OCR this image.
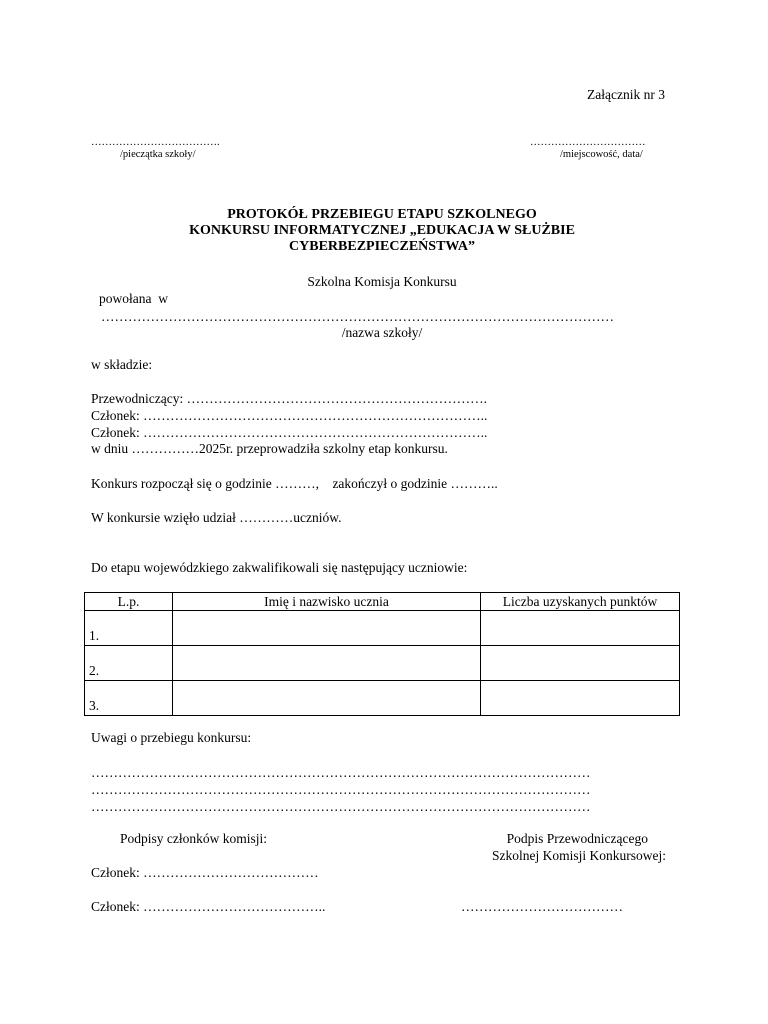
Załącznik nr 3
……………………………….
/pieczątka szkoły/
……………………………
/miejscowość, data/
PROTOKÓŁ PRZEBIEGU ETAPU SZKOLNEGO
KONKURSU INFORMATYCZNEJ „EDUKACJA W SŁUŻBIE
CYBERBEZPIECZEŃSTWA”
Szkolna Komisja Konkursu
powołana  w
……………………………………………………………………………………………………
/nazwa szkoły/
w składzie:
Przewodniczący: ………………………………………………………….
Członek: …………………………………………………………………..
Członek: …………………………………………………………………..
w dniu ……………2025r. przeprowadziła szkolny etap konkursu.
Konkurs rozpoczął się o godzinie ………,    zakończył o godzinie ………..
W konkursie wzięło udział …………uczniów.
Do etapu wojewódzkiego zakwalifikowali się następujący uczniowie:
L.p.	Imię i nazwisko ucznia	Liczba uzyskanych punktów
1.		
2.		
3.		
Uwagi o przebiegu konkursu:
…………………………………………………………………………………………………
…………………………………………………………………………………………………
…………………………………………………………………………………………………
Podpisy członków komisji:	Podpis Przewodniczącego
Szkolnej Komisji Konkursowej:
Członek: …………………………………
Członek: …………………………………..	………………………………
